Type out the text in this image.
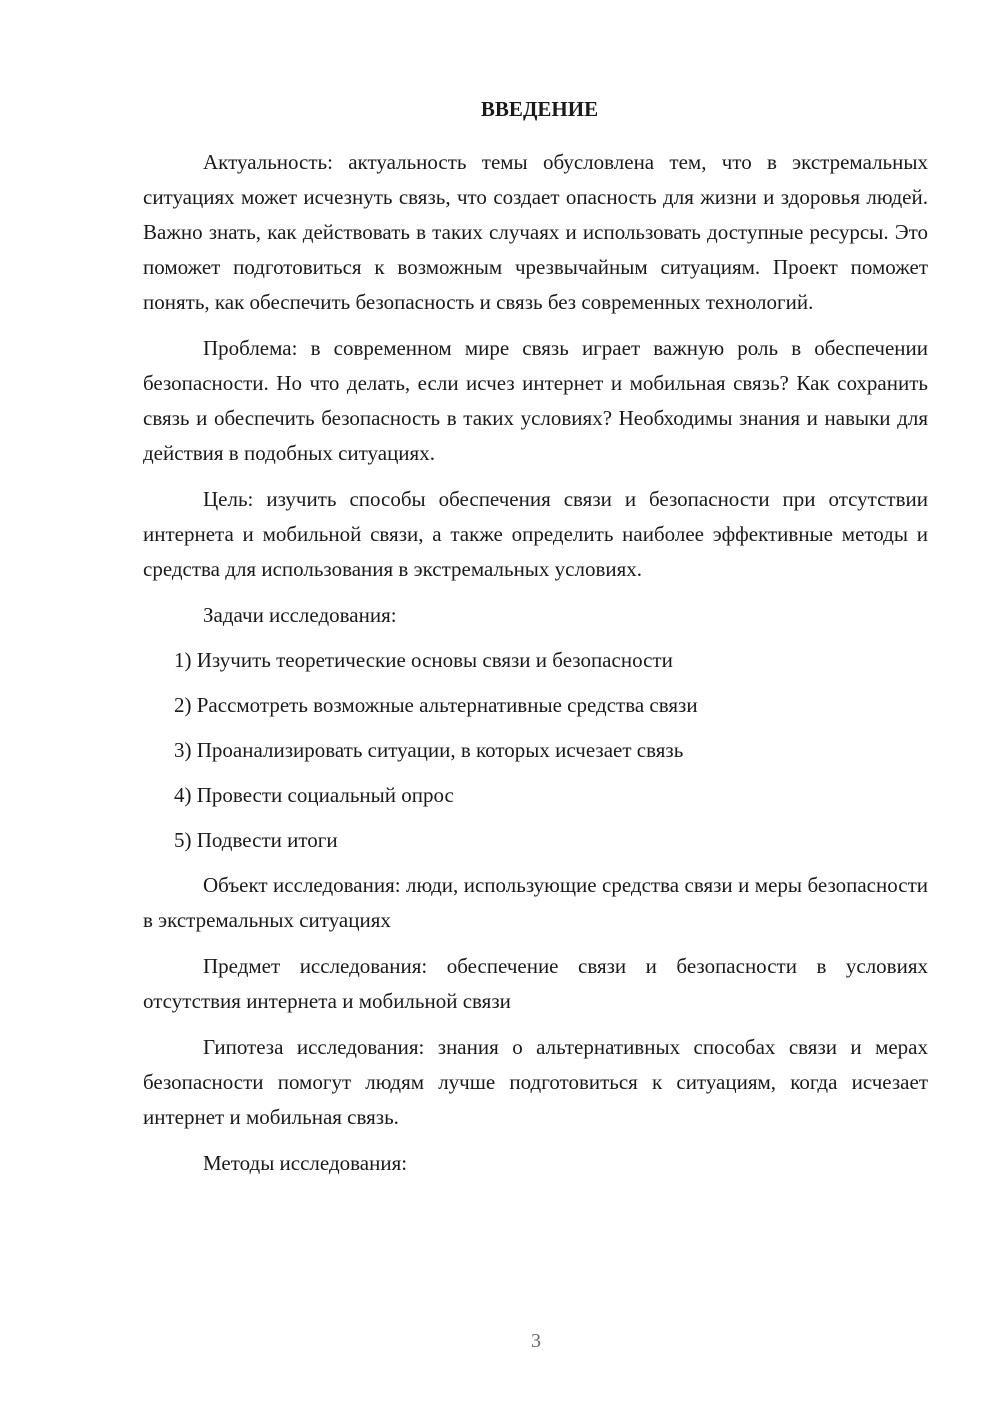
ВВЕДЕНИЕ

Актуальность: актуальность темы обусловлена тем, что в экстремальных ситуациях может исчезнуть связь, что создает опасность для жизни и здоровья людей. Важно знать, как действовать в таких случаях и использовать доступные ресурсы. Это поможет подготовиться к возможным чрезвычайным ситуациям. Проект поможет понять, как обеспечить безопасность и связь без современных технологий.

Проблема: в современном мире связь играет важную роль в обеспечении безопасности. Но что делать, если исчез интернет и мобильная связь? Как сохранить связь и обеспечить безопасность в таких условиях? Необходимы знания и навыки для действия в подобных ситуациях.

Цель: изучить способы обеспечения связи и безопасности при отсутствии интернета и мобильной связи, а также определить наиболее эффективные методы и средства для использования в экстремальных условиях.

Задачи исследования:
1) Изучить теоретические основы связи и безопасности
2) Рассмотреть возможные альтернативные средства связи
3) Проанализировать ситуации, в которых исчезает связь
4) Провести социальный опрос
5) Подвести итоги

Объект исследования: люди, использующие средства связи и меры безопасности в экстремальных ситуациях

Предмет исследования: обеспечение связи и безопасности в условиях отсутствия интернета и мобильной связи

Гипотеза исследования: знания о альтернативных способах связи и мерах безопасности помогут людям лучше подготовиться к ситуациям, когда исчезает интернет и мобильная связь.

Методы исследования:

3
